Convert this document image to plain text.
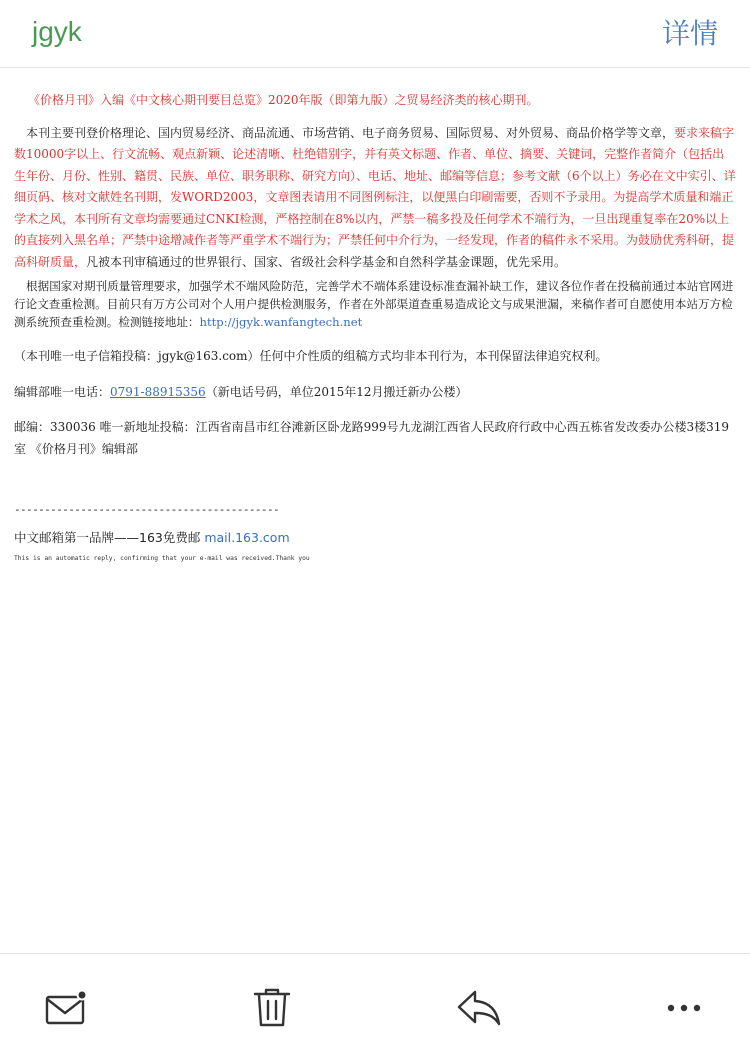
jgyk	详情

《价格月刊》入编《中文核心期刊要目总览》2020年版（即第九版）之贸易经济类的核心期刊。

本刊主要刊登价格理论、国内贸易经济、商品流通、市场营销、电子商务贸易、国际贸易、对外贸易、商品价格学等文章，要求来稿字数10000字以上、行文流畅、观点新颖、论述清晰、杜绝错别字，并有英文标题、作者、单位、摘要、关键词，完整作者简介（包括出生年份、月份、性别、籍贯、民族、单位、职务职称、研究方向）、电话、地址、邮编等信息；参考文献（6个以上）务必在文中实引、详细页码、核对文献姓名刊期，发WORD2003，文章图表请用不同图例标注，以便黑白印刷需要，否则不予录用。为提高学术质量和端正学术之风，本刊所有文章均需要通过CNKI检测，严格控制在8%以内，严禁一稿多投及任何学术不端行为，一旦出现重复率在20%以上的直接列入黑名单；严禁中途增减作者等严重学术不端行为；严禁任何中介行为，一经发现，作者的稿件永不采用。为鼓励优秀科研，提高科研质量，凡被本刊审稿通过的世界银行、国家、省级社会科学基金和自然科学基金课题，优先采用。

根据国家对期刊质量管理要求，加强学术不端风险防范，完善学术不端体系建设标准查漏补缺工作，建议各位作者在投稿前通过本站官网进行论文查重检测。目前只有万方公司对个人用户提供检测服务，作者在外部渠道查重易造成论文与成果泄漏，来稿作者可自愿使用本站万方检测系统预查重检测。检测链接地址：http://jgyk.wanfangtech.net

（本刊唯一电子信箱投稿：jgyk@163.com）任何中介性质的组稿方式均非本刊行为，本刊保留法律追究权利。

编辑部唯一电话：0791-88915356（新电话号码，单位2015年12月搬迁新办公楼）

邮编：330036 唯一新地址投稿：江西省南昌市红谷滩新区卧龙路999号九龙湖江西省人民政府行政中心西五栋省发改委办公楼3楼319室 《价格月刊》编辑部

--------------------------------------------

中文邮箱第一品牌——163免费邮 mail.163.com

This is an automatic reply, confirming that your e-mail was received.Thank you
